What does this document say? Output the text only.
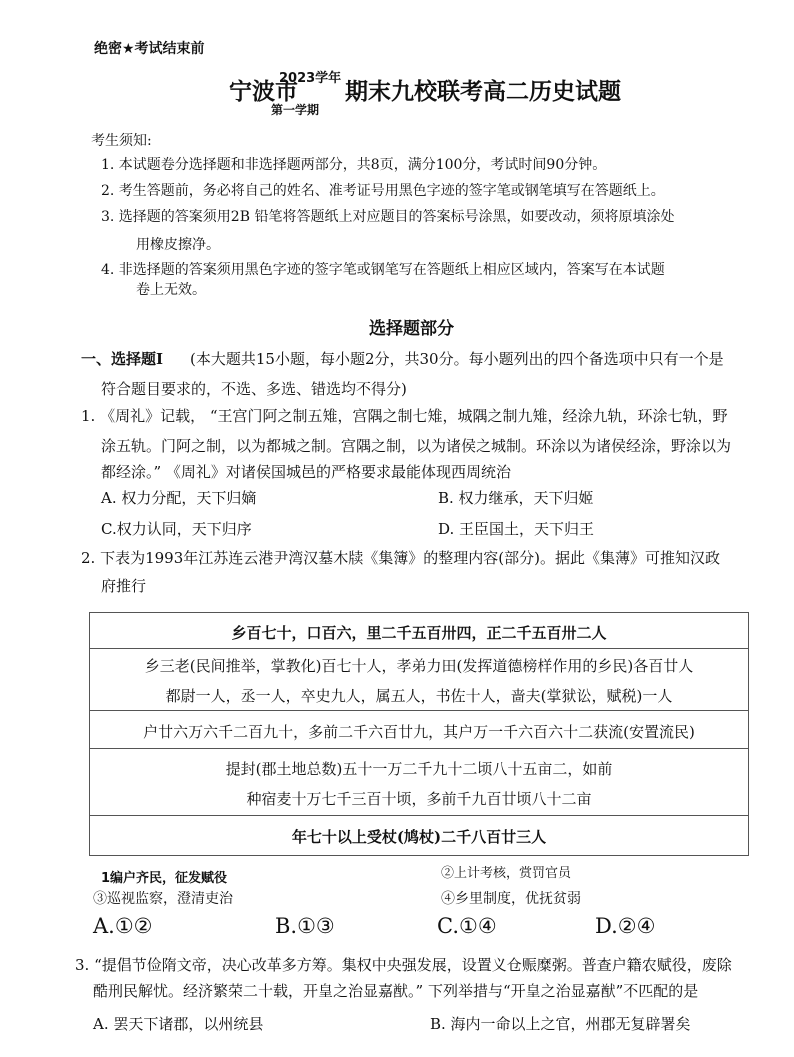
绝密★考试结束前
宁波市
2023学年
第一学期
期末九校联考高二历史试题
考生须知:
1. 本试题卷分选择题和非选择题两部分，共8页，满分100分，考试时间90分钟。
2. 考生答题前，务必将自己的姓名、准考证号用黑色字迹的签字笔或钢笔填写在答题纸上。
3. 选择题的答案须用2B 铅笔将答题纸上对应题目的答案标号涂黑，如要改动，须将原填涂处
用橡皮擦净。
4. 非选择题的答案须用黑色字迹的签字笔或钢笔写在答题纸上相应区域内，答案写在本试题
卷上无效。
选择题部分
一、选择题Ⅰ (本大题共15小题，每小题2分，共30分。每小题列出的四个备选项中只有一个是
符合题目要求的，不选、多选、错选均不得分)
1. 《周礼》记载， “王宫门阿之制五雉，宫隅之制七雉，城隅之制九雉，经涂九轨，环涂七轨，野
涂五轨。门阿之制，以为都城之制。宫隅之制，以为诸侯之城制。环涂以为诸侯经涂，野涂以为
都经涂。” 《周礼》对诸侯国城邑的严格要求最能体现西周统治
A. 权力分配，天下归嫡	B. 权力继承，天下归姬
C.权力认同，天下归序	D. 王臣国土，天下归王
2. 下表为1993年江苏连云港尹湾汉墓木牍《集簿》的整理内容(部分)。据此《集薄》可推知汉政
府推行
乡百七十，口百六，里二千五百卅四，正二千五百卅二人
乡三老(民间推举，掌教化)百七十人，孝弟力田(发挥道德榜样作用的乡民)各百廿人
都尉一人，丞一人，卒史九人，属五人，书佐十人，啬夫(掌狱讼，赋税)一人
户廿六万六千二百九十，多前二千六百廿九，其户万一千六百六十二获流(安置流民)
提封(郡土地总数)五十一万二千九十二顷八十五亩二，如前
种宿麦十万七千三百十顷，多前千九百廿顷八十二亩
年七十以上受杖(鸠杖)二千八百廿三人
1编户齐民，征发赋役	②上计考核，赏罚官员
③巡视监察，澄清吏治	④乡里制度，优抚贫弱
A.①②	B.①③	C.①④	D.②④
3. “提倡节俭隋文帝，决心改革多方筹。集权中央强发展，设置义仓赈糜粥。普查户籍农赋役，废除
酷刑民解忧。经济繁荣二十载，开皇之治显嘉猷。” 下列举措与“开皇之治显嘉猷”不匹配的是
A. 罢天下诸郡，以州统县	B. 海内一命以上之官，州郡无复辟署矣
